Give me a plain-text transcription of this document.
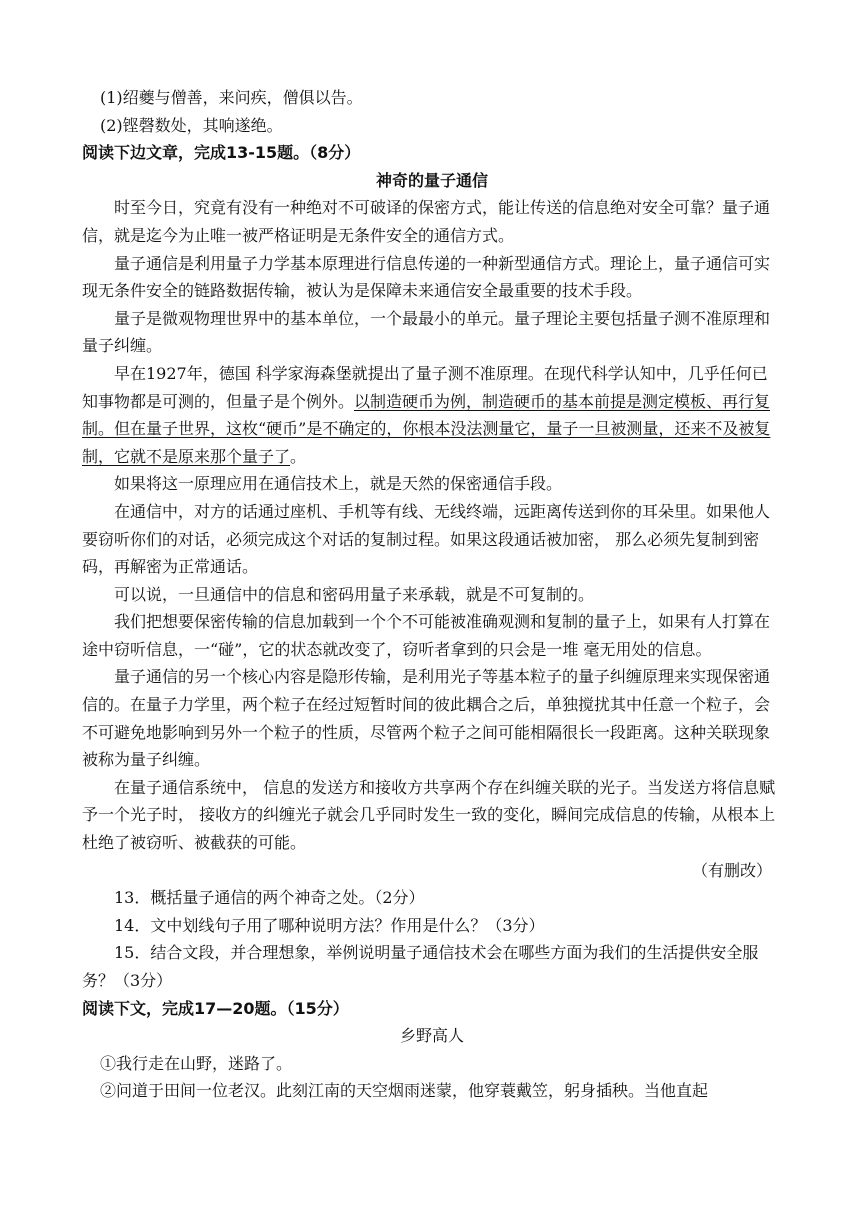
(1)绍夔与僧善，来问疾，僧俱以告。

(2)铿磬数处，其响遂绝。

阅读下边文章，完成13-15题。（8分）

神奇的量子通信

时至今日，究竟有没有一种绝对不可破译的保密方式，能让传送的信息绝对安全可靠？量子通信，就是迄今为止唯一被严格证明是无条件安全的通信方式。

量子通信是利用量子力学基本原理进行信息传递的一种新型通信方式。理论上，量子通信可实现无条件安全的链路数据传输，被认为是保障未来通信安全最重要的技术手段。

量子是微观物理世界中的基本单位，一个最最小的单元。量子理论主要包括量子测不准原理和量子纠缠。

早在1927年，德国 科学家海森堡就提出了量子测不准原理。在现代科学认知中，几乎任何已知事物都是可测的，但量子是个例外。以制造硬币为例，制造硬币的基本前提是测定模板、再行复制。但在量子世界，这枚“硬币”是不确定的，你根本没法测量它，量子一旦被测量，还来不及被复制，它就不是原来那个量子了。

如果将这一原理应用在通信技术上，就是天然的保密通信手段。

在通信中，对方的话通过座机、手机等有线、无线终端，远距离传送到你的耳朵里。如果他人要窃听你们的对话，必须完成这个对话的复制过程。如果这段通话被加密， 那么必须先复制到密码，再解密为正常通话。

可以说，一旦通信中的信息和密码用量子来承载，就是不可复制的。

我们把想要保密传输的信息加载到一个个不可能被准确观测和复制的量子上，如果有人打算在途中窃听信息，一“碰”，它的状态就改变了，窃听者拿到的只会是一堆 毫无用处的信息。

量子通信的另一个核心内容是隐形传输，是利用光子等基本粒子的量子纠缠原理来实现保密通信的。在量子力学里，两个粒子在经过短暂时间的彼此耦合之后，单独搅扰其中任意一个粒子，会不可避免地影响到另外一个粒子的性质，尽管两个粒子之间可能相隔很长一段距离。这种关联现象被称为量子纠缠。

在量子通信系统中， 信息的发送方和接收方共享两个存在纠缠关联的光子。当发送方将信息赋予一个光子时， 接收方的纠缠光子就会几乎同时发生一致的变化，瞬间完成信息的传输，从根本上杜绝了被窃听、被截获的可能。

（有删改）

13．概括量子通信的两个神奇之处。（2分）

14．文中划线句子用了哪种说明方法？作用是什么？（3分）

15．结合文段，并合理想象，举例说明量子通信技术会在哪些方面为我们的生活提供安全服务？（3分）

阅读下文，完成17—20题。（15分）

乡野高人

①我行走在山野，迷路了。

②问道于田间一位老汉。此刻江南的天空烟雨迷蒙，他穿蓑戴笠，躬身插秧。当他直起
